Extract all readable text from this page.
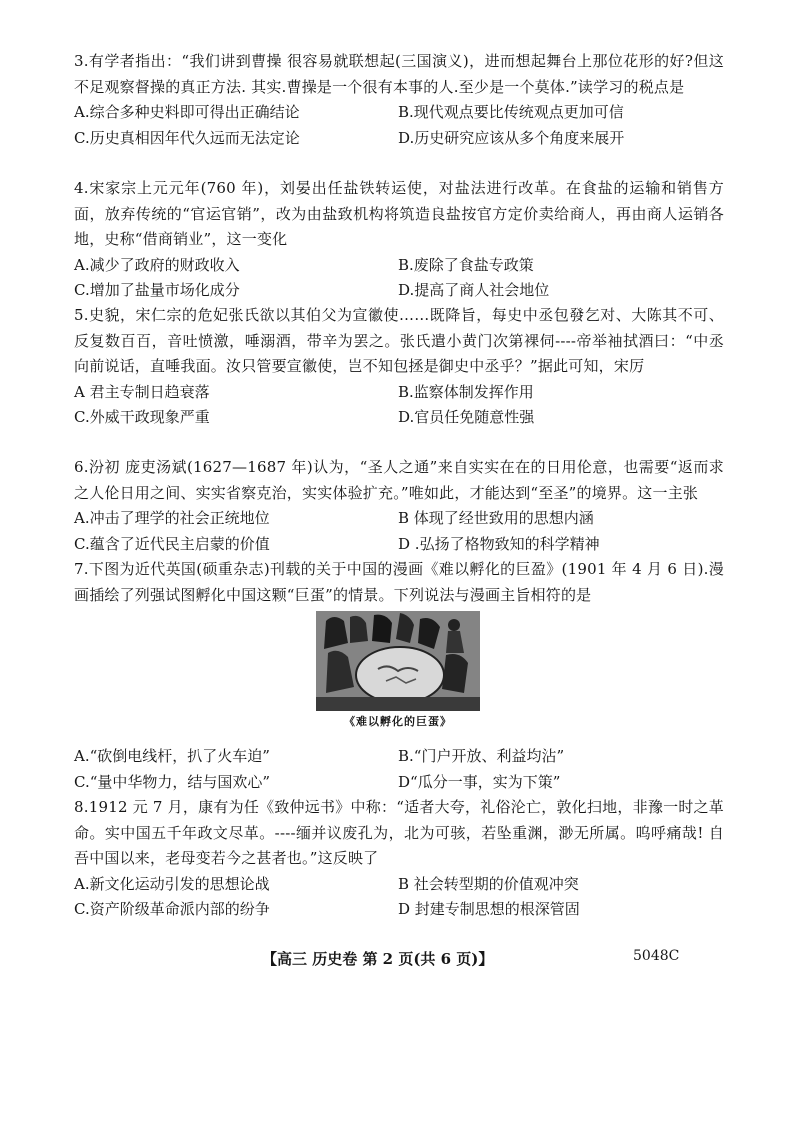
3.有学者指出：“我们讲到曹操 很容易就联想起(三国演义)，进而想起舞台上那位花形的好?但这不足观察督操的真正方法. 其实.曹操是一个很有本事的人.至少是一个莫体.”读学习的税点是

A.综合多种史料即可得出正确结论	B.现代观点要比传统观点更加可信
C.历史真相因年代久远而无法定论	D.历史研究应该从多个角度来展开

4.宋家宗上元元年(760 年)，刘晏出任盐铁转运使，对盐法进行改革。在食盐的运输和销售方面，放弃传统的“官运官销”，改为由盐致机构将筑造良盐按官方定价卖给商人，再由商人运销各地，史称“借商销业”，这一变化

A.减少了政府的财政收入	B.废除了食盐专政策
C.增加了盐量市场化成分	D.提高了商人社会地位

5.史貌，宋仁宗的危妃张氏欲以其伯父为宣徽使……既降旨，每史中丞包發乞对、大陈其不可、反复数百百，音吐愤激，唾溺酒，带辛为罢之。张氏遣小黄门次第裸伺----帝举袖拭酒曰：“中丞向前说话，直唾我面。汝只管要宣徽使，岂不知包拯是御史中丞乎？”据此可知，宋厉

A 君主专制日趋衰落	B.监察体制发挥作用
C.外威干政现象严重	D.官员任免随意性强

6.汾初 庞吏汤斌(1627—1687 年)认为，“圣人之通”来自实实在在的日用伦意，也需要“返而求之人伦日用之间、实实省察克治，实实体验扩充。”唯如此，才能达到“至圣”的境界。这一主张

A.冲击了理学的社会正统地位	B 体现了经世致用的思想内涵
C.蕴含了近代民主启蒙的价值	D .弘扬了格物致知的科学精神

7.下图为近代英国(硕重杂志)刊载的关于中国的漫画《难以孵化的巨盈》(1901 年 4 月 6 日).漫画插绘了列强试图孵化中国这颗“巨蛋”的情景。下列说法与漫画主旨相符的是

《难以孵化的巨蛋》
A.“砍倒电线杆，扒了火车迫”	B.“门户开放、利益均沾”
C.“量中华物力，结与国欢心”	D“瓜分一事，实为下策”

8.1912 元 7 月，康有为任《致仲远书》中称：“适者大夸，礼俗沦亡，敦化扫地，非豫一时之革命。实中国五千年政文尽革。----缅并议废孔为，北为可骇，若坠重渊，渺无所属。呜呼痛哉! 自吾中国以来，老母变若今之甚者也。”这反映了

A.新文化运动引发的思想论战	B 社会转型期的价值观冲突
C.资产阶级革命派内部的纷争	D 封建专制思想的根深管固
【高三 历史卷 第 2 页(共 6 页)】	5048C
